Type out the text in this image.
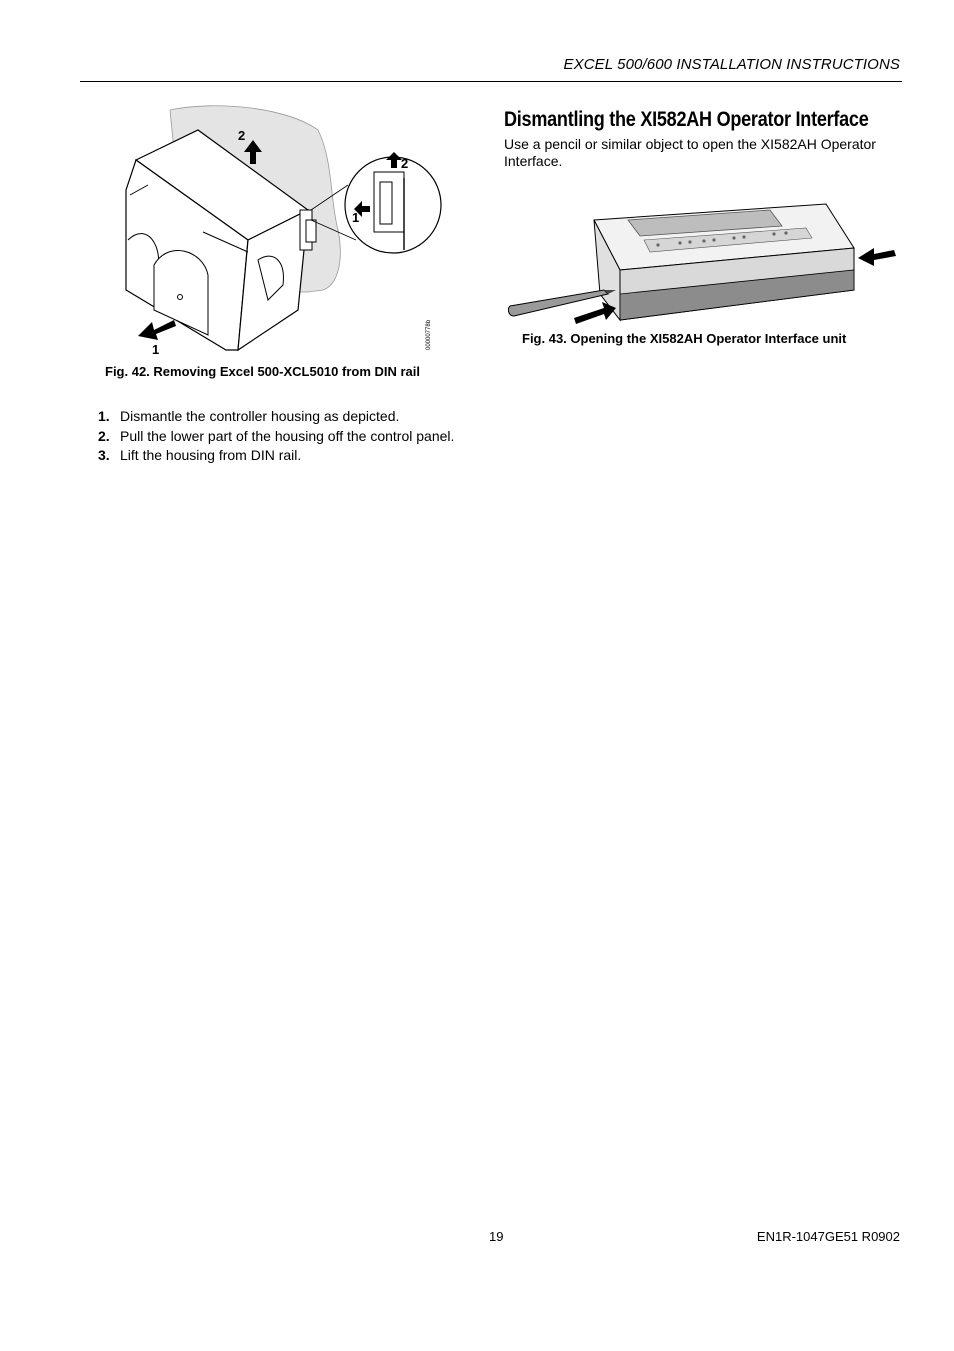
EXCEL 500/600 INSTALLATION INSTRUCTIONS
2
1
2
1
00000778b
Fig. 42. Removing Excel 500-XCL5010 from DIN rail
1. Dismantle the controller housing as depicted.
2. Pull the lower part of the housing off the control panel.
3. Lift the housing from DIN rail.
Dismantling the XI582AH Operator Interface

Use a pencil or similar object to open the XI582AH Operator Interface.

Fig. 43. Opening the XI582AH Operator Interface unit
19	EN1R-1047GE51 R0902
